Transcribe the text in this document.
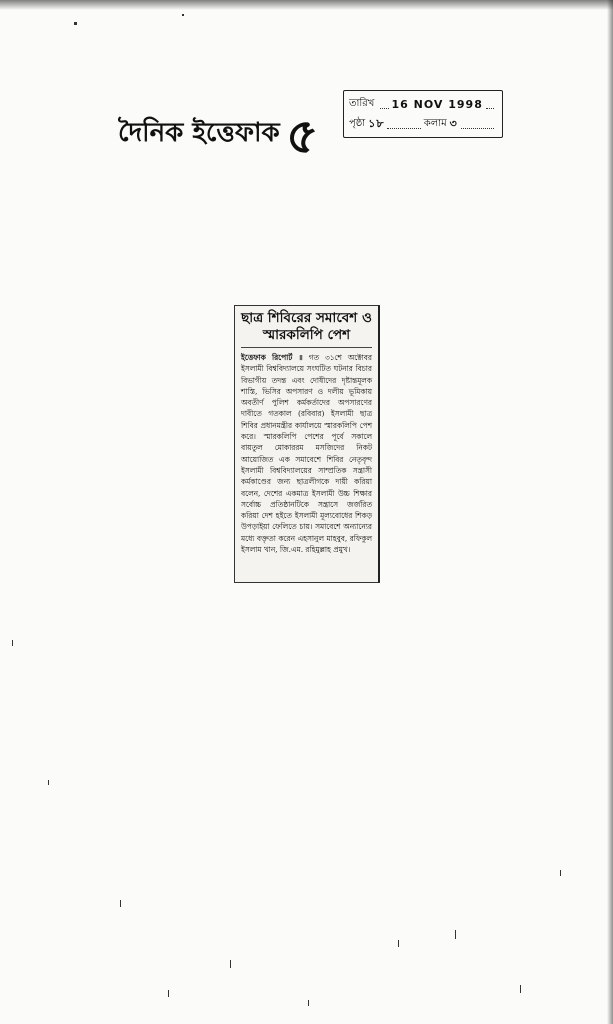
দৈনিক ইত্তেফাক ৫
তারিখ 16 NOV 1998
পৃষ্ঠা ১৮	কলাম ৩
ছাত্র শিবিরের সমাবেশ ও স্মারকলিপি পেশ

ইত্তেফাক রিপোর্ট ॥ গত ৩১শে অক্টোবর ইসলামী বিশ্ববিদ্যালয়ে সংঘটিত ঘটনার বিচার বিভাগীয় তদন্ত এবং দোষীদের দৃষ্টান্তমূলক শাস্তি, ভিসির অপসারণ ও দলীয় ভূমিকায় অবতীর্ণ পুলিশ কর্মকর্তাদের অপসারণের দাবীতে গতকাল (রবিবার) ইসলামী ছাত্র শিবির প্রধানমন্ত্রীর কার্যালয়ে স্মারকলিপি পেশ করে। স্মারকলিপি পেশের পূর্বে সকালে বায়তুল মোকাররম মসজিদের নিকট আয়োজিত এক সমাবেশে শিবির নেতৃবৃন্দ ইসলামী বিশ্ববিদ্যালয়ের সাম্প্রতিক সন্ত্রাসী কর্মকাণ্ডের জন্য ছাত্রলীগকে দায়ী করিয়া বলেন, দেশের একমাত্র ইসলামী উচ্চ শিক্ষার সর্বোচ্চ প্রতিষ্ঠানটিকে সন্ত্রাসে জর্জরিত করিয়া দেশ হইতে ইসলামী মূল্যবোধের শিকড় উপড়াইয়া ফেলিতে চায়। সমাবেশে অন্যান্যের মধ্যে বক্তৃতা করেন এহসানুল মাহবুব, রফিকুল ইসলাম খান, জি.এম. রহিমুল্লাহ প্রমুখ।
